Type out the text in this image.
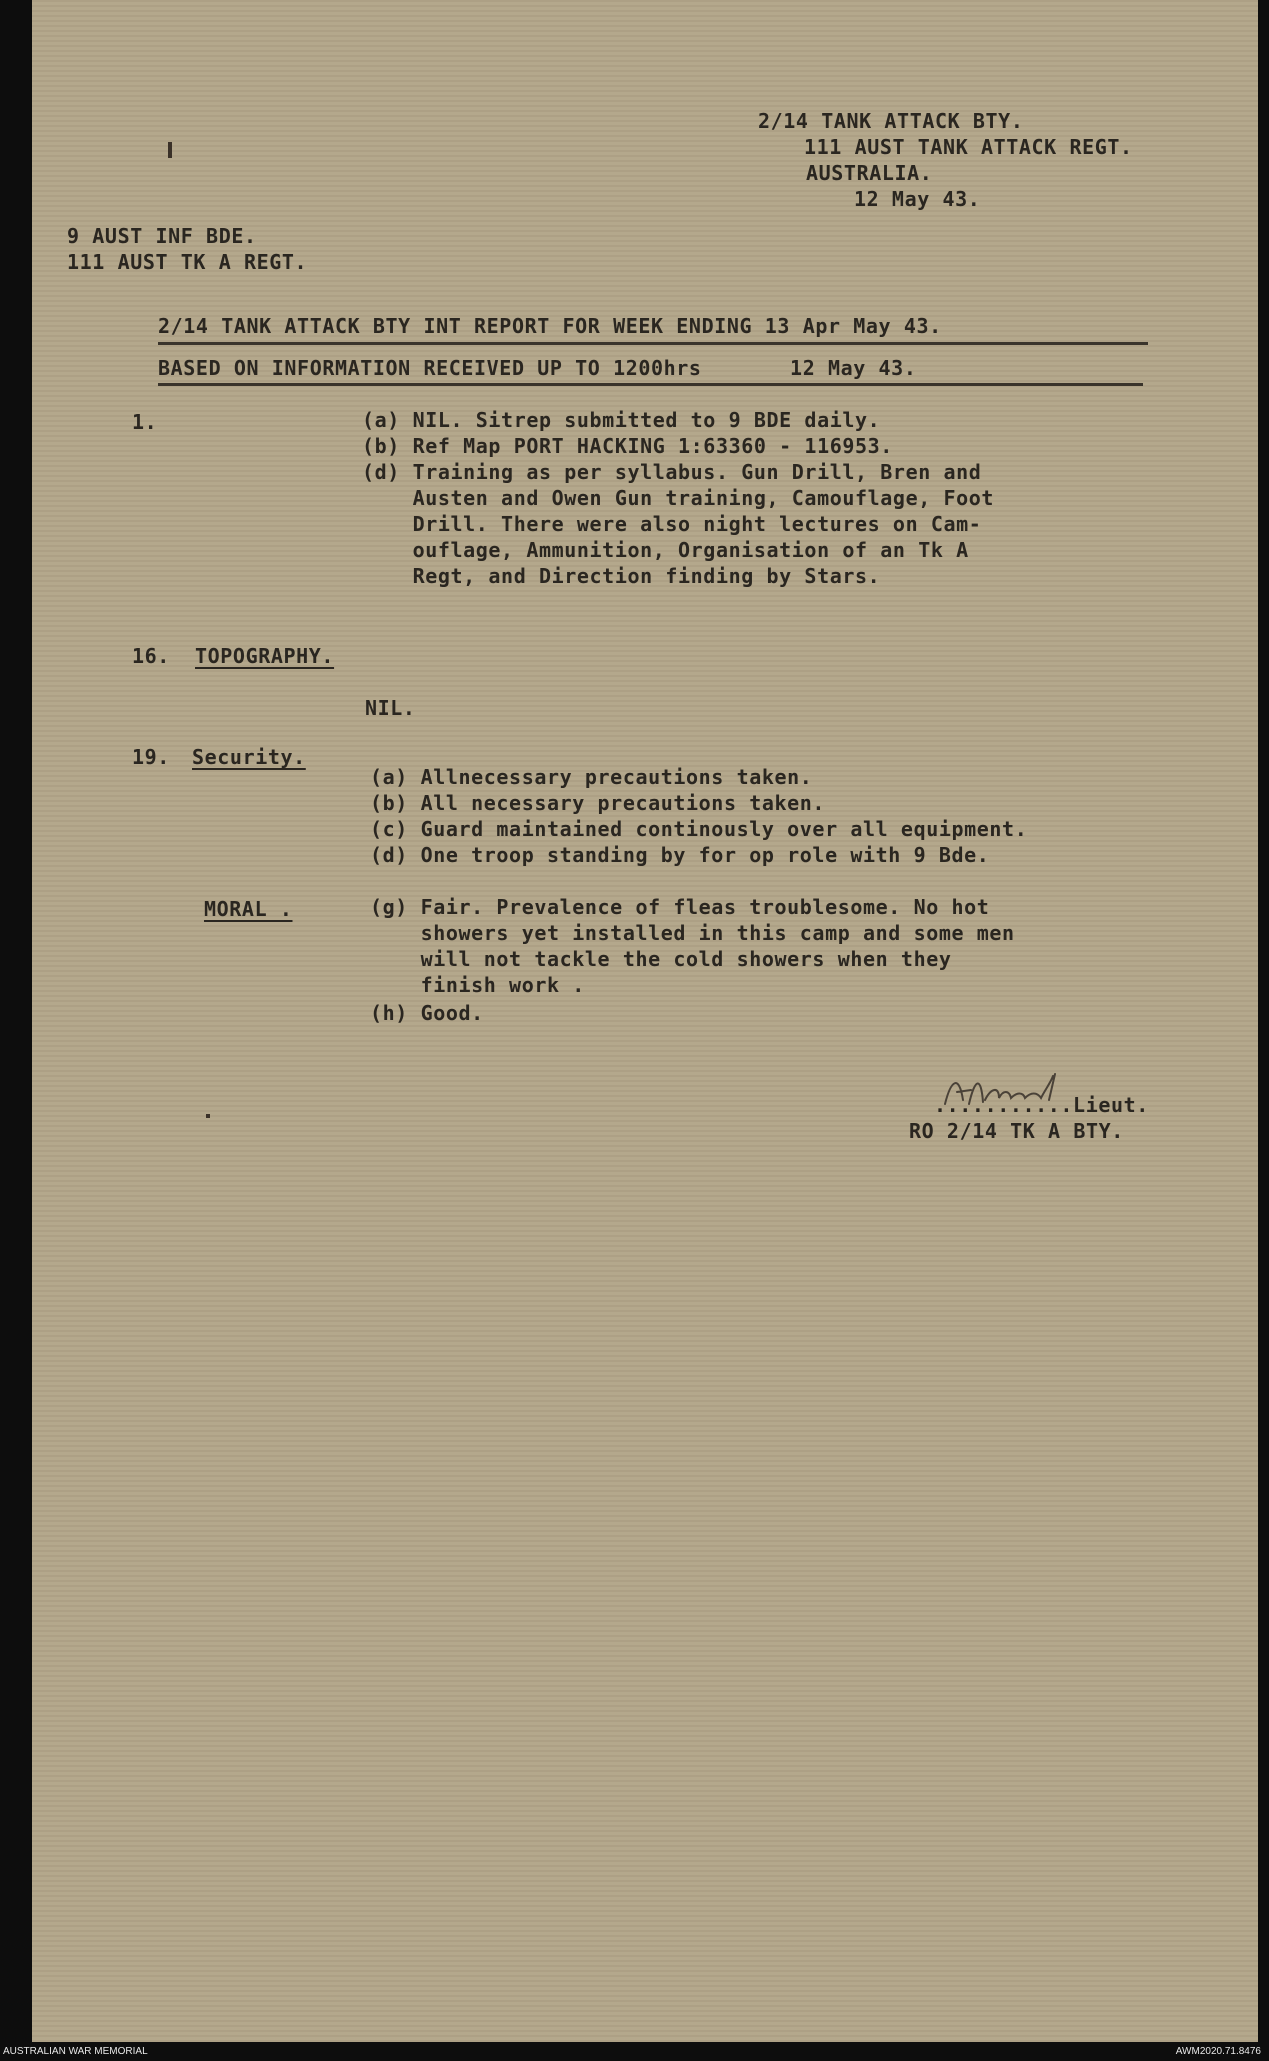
2/14 TANK ATTACK BTY.
111 AUST TANK ATTACK REGT.
AUSTRALIA.
12 May 43.
9 AUST INF BDE.
111 AUST TK A REGT.
2/14 TANK ATTACK BTY INT REPORT FOR WEEK ENDING 13 Apr May 43.
BASED ON INFORMATION RECEIVED UP TO 1200hrs       12 May 43.
1.	(a) NIL. Sitrep submitted to 9 BDE daily.
(b) Ref Map PORT HACKING 1:63360 - 116953.
(d) Training as per syllabus. Gun Drill, Bren and
Austen and Owen Gun training, Camouflage, Foot
Drill. There were also night lectures on Cam-
ouflage, Ammunition, Organisation of an Tk A
Regt, and Direction finding by Stars.
16. TOPOGRAPHY.
NIL.
19. Security.
(a) Allnecessary precautions taken.
(b) All necessary precautions taken.
(c) Guard maintained continously over all equipment.
(d) One troop standing by for op role with 9 Bde.
MORAL .	(g) Fair. Prevalence of fleas troublesome. No hot
showers yet installed in this camp and some men
will not tackle the cold showers when they
finish work .
(h) Good.
...........Lieut.
RO 2/14 TK A BTY.
AUSTRALIAN WAR MEMORIAL	AWM2020.71.8476
